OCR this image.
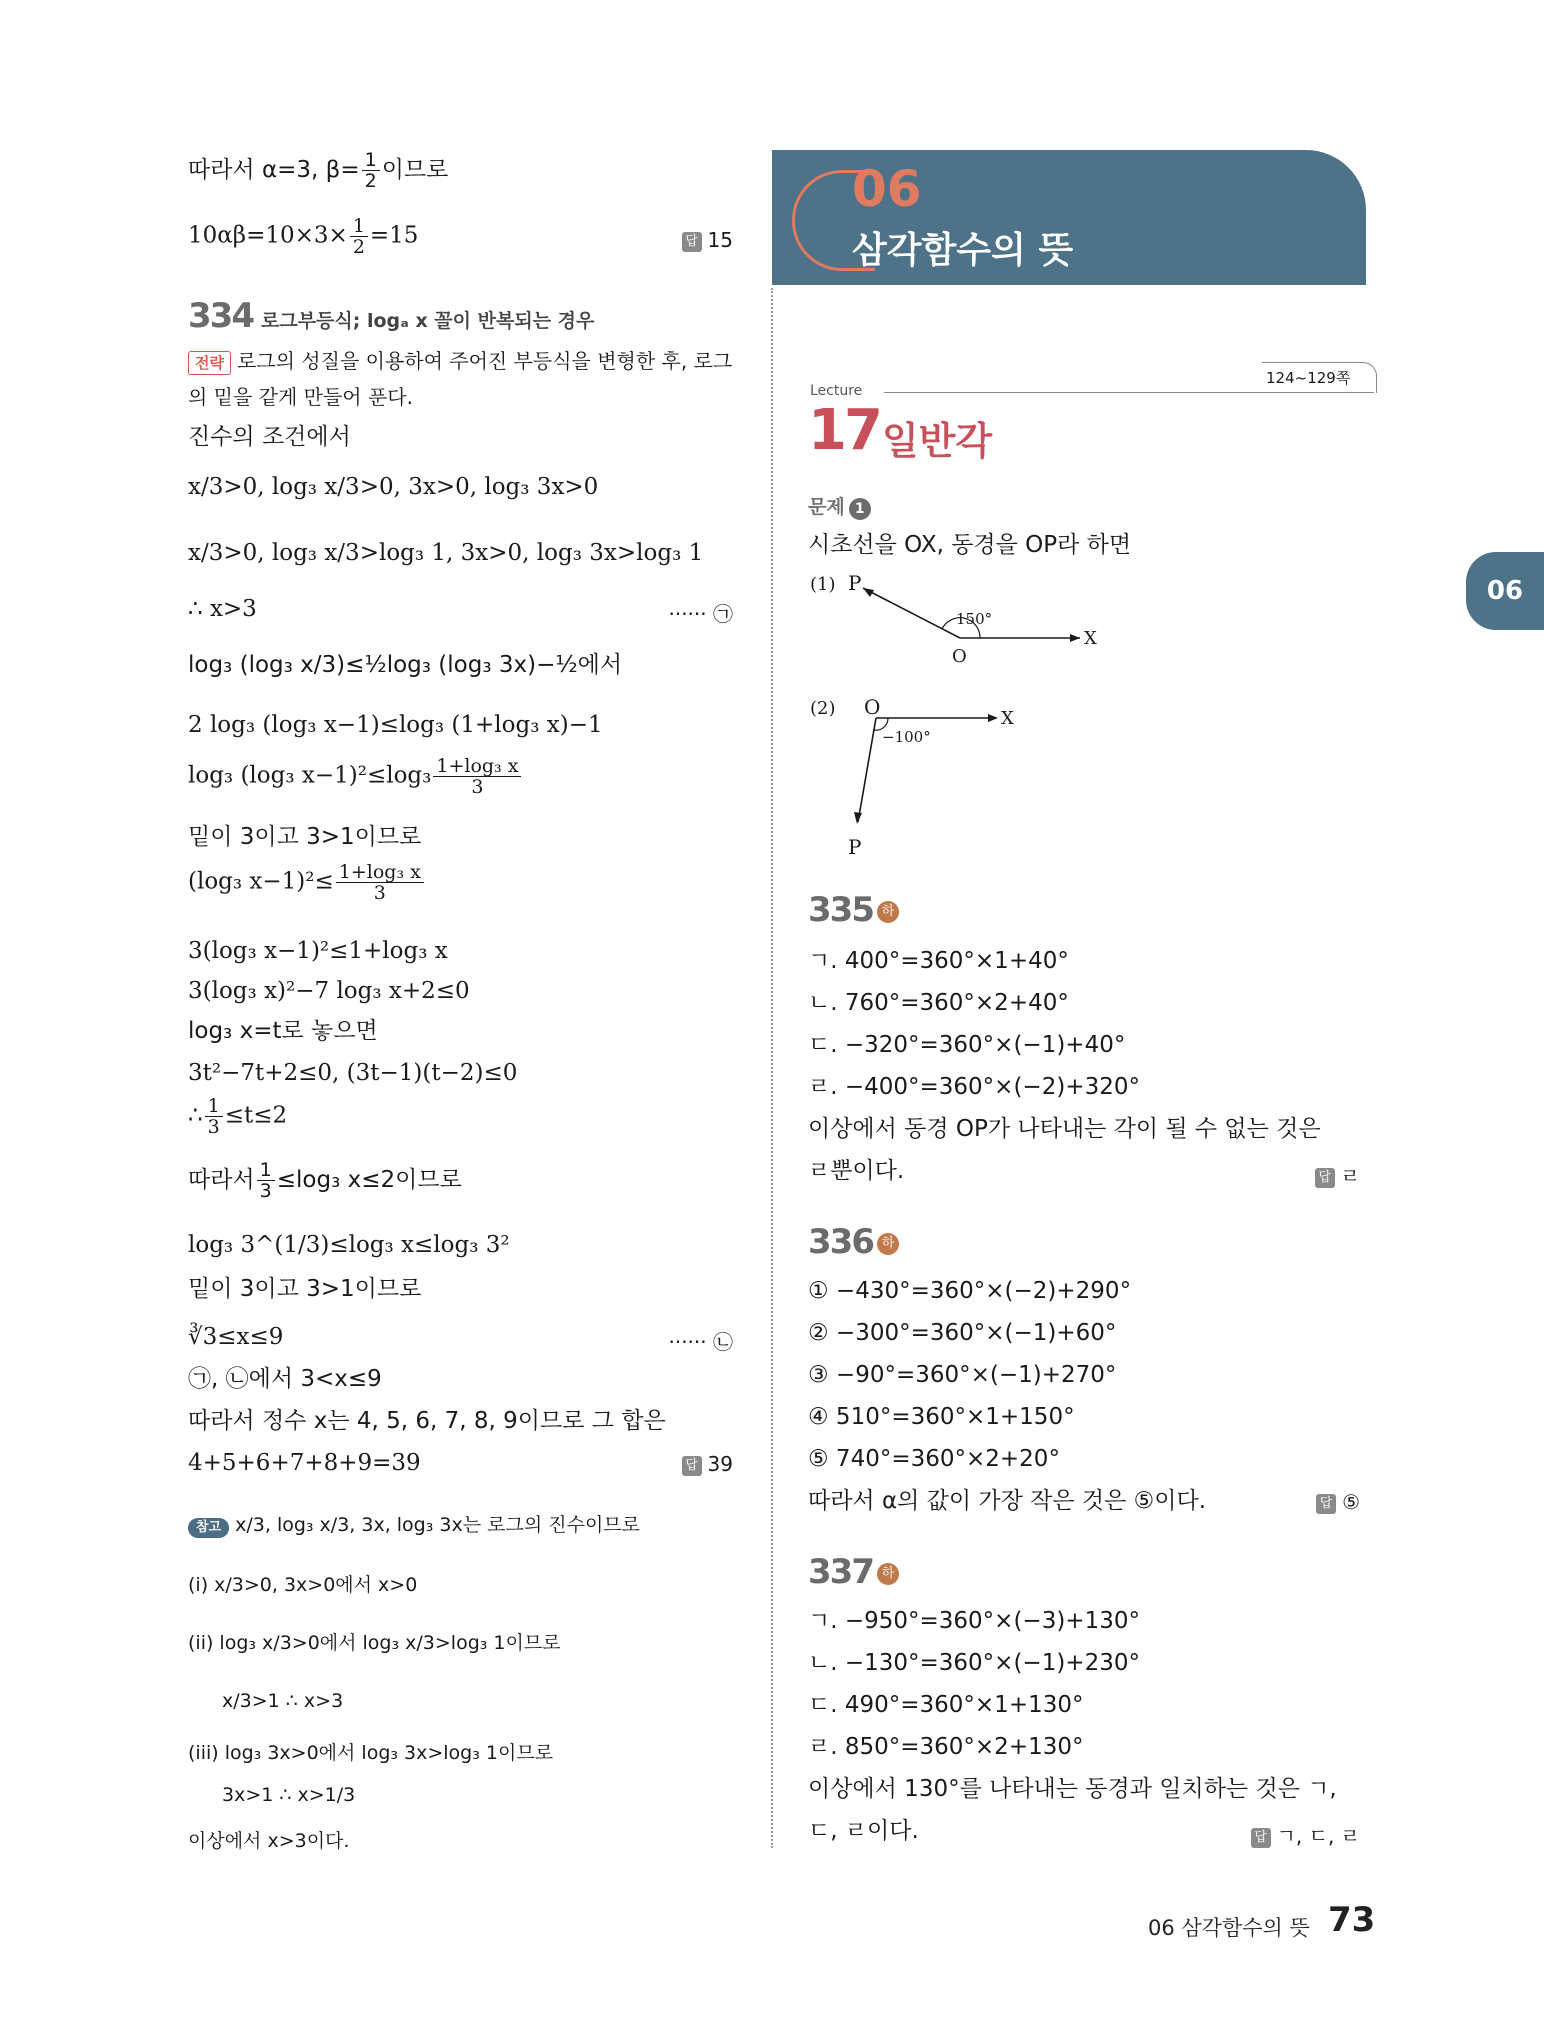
06
삼각함수의 뜻
06
따라서 α=3, $\beta= \frac{1}{2}$ 이므로
$10\alpha\beta=10\times 3\times \frac{1}{2} =15$	답 15
334 로그부등식; logₐ x 꼴이 반복되는 경우
전략 로그의 성질을 이용하여 주어진 부등식을 변형한 후, 로그
의 밑을 같게 만들어 푼다.
진수의 조건에서
x/3>0, log₃ x/3>0, 3x>0, log₃ 3x>0
x/3>0, log₃ x/3>log₃ 1, 3x>0, log₃ 3x>log₃ 1
∴ x>3	······ ㉠
log₃ (log₃ x/3)≤½log₃ (log₃ 3x)−½에서
2 log₃ (log₃ x−1)≤log₃ (1+log₃ x)−1
log₃ (log₃ $x-1)^2\le\log_3 \frac{\text{1+log₃ x}}{3}$
밑이 3이고 3>1이므로
(log₃ $x-1)^2\le \frac{\text{1+log₃ x}}{3}$
3(log₃ x−1)²≤1+log₃ x
3(log₃ x)²−7 log₃ x+2≤0
log₃ x=t로 놓으면
3t²−7t+2≤0, (3t−1)(t−2)≤0
∴ $\frac{1}{3} \le t\le 2$
따라서 $\frac{1}{3} \le\log_3$ x≤2이므로
log₃ 3^(1/3)≤log₃ x≤log₃ 3²
밑이 3이고 3>1이므로
∛3≤x≤9	······ ㉡
㉠, ㉡에서 3<x≤9
따라서 정수 x는 4, 5, 6, 7, 8, 9이므로 그 합은
4+5+6+7+8+9=39	답 39
참고 x/3, log₃ x/3, 3x, log₃ 3x는 로그의 진수이므로
(i) x/3>0, 3x>0에서 x>0
(ii) log₃ x/3>0에서 log₃ x/3>log₃ 1이므로
x/3>1 ∴ x>3
(iii) log₃ 3x>0에서 log₃ 3x>log₃ 1이므로
3x>1 ∴ x>1/3
이상에서 x>3이다.
Lecture
124~129쪽
17 일반각
문제 1
시초선을 OX, 동경을 OP라 하면
(1) P
150°
O
X
(2) O	X
−100°
P
335 하
ㄱ. 400°=360°×1+40°
ㄴ. 760°=360°×2+40°
ㄷ. −320°=360°×(−1)+40°
ㄹ. −400°=360°×(−2)+320°
이상에서 동경 OP가 나타내는 각이 될 수 없는 것은
ㄹ뿐이다.	답 ㄹ
336 하
① −430°=360°×(−2)+290°
② −300°=360°×(−1)+60°
③ −90°=360°×(−1)+270°
④ 510°=360°×1+150°
⑤ 740°=360°×2+20°
따라서 α의 값이 가장 작은 것은 ⑤이다.	답 ⑤
337 하
ㄱ. −950°=360°×(−3)+130°
ㄴ. −130°=360°×(−1)+230°
ㄷ. 490°=360°×1+130°
ㄹ. 850°=360°×2+130°
이상에서 130°를 나타내는 동경과 일치하는 것은 ㄱ,
ㄷ, ㄹ이다.	답 ㄱ, ㄷ, ㄹ
06 삼각함수의 뜻 73
